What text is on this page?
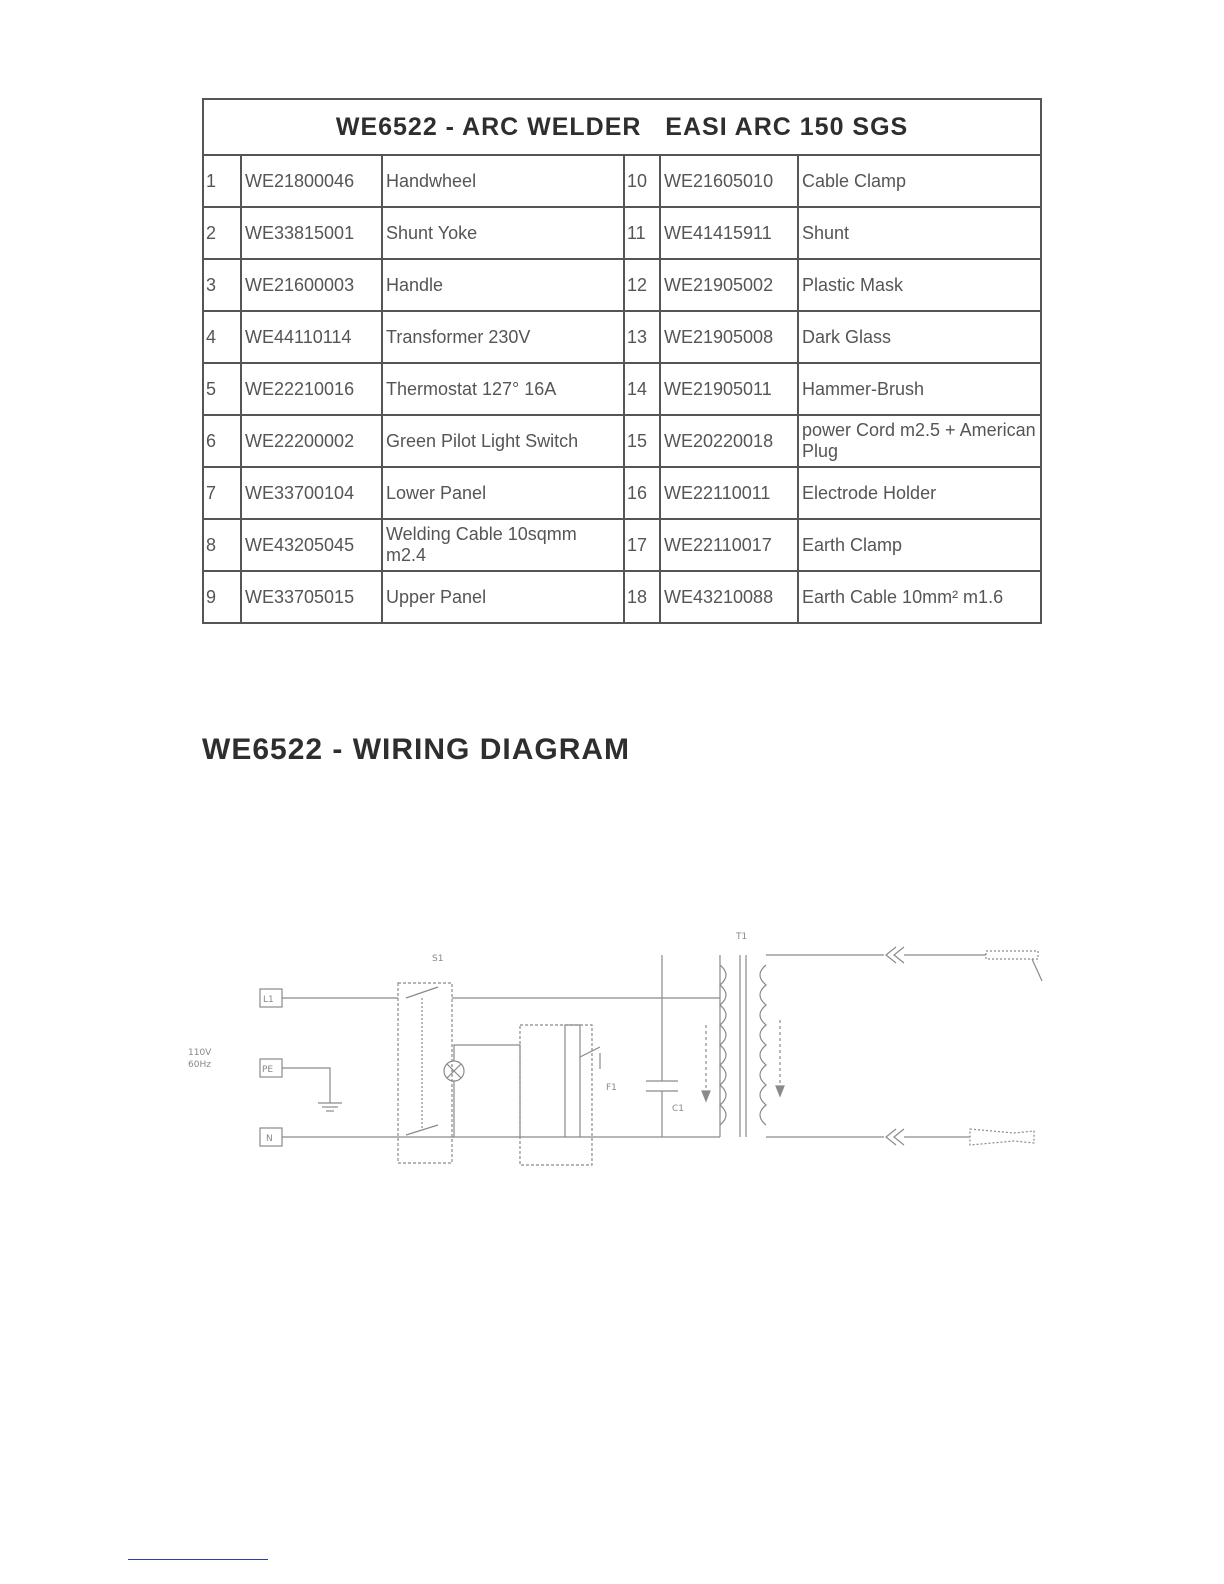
WE6522 - ARC WELDER   EASI ARC 150 SGS					
1	WE21800046	Handwheel	10	WE21605010	Cable Clamp
2	WE33815001	Shunt Yoke	11	WE41415911	Shunt
3	WE21600003	Handle	12	WE21905002	Plastic Mask
4	WE44110114	Transformer 230V	13	WE21905008	Dark Glass
5	WE22210016	Thermostat 127° 16A	14	WE21905011	Hammer-Brush
6	WE22200002	Green Pilot Light Switch	15	WE20220018	power Cord m2.5 + American Plug
7	WE33700104	Lower Panel	16	WE22110011	Electrode Holder
8	WE43205045	Welding Cable 10sqmm m2.4	17	WE22110017	Earth Clamp
9	WE33705015	Upper Panel	18	WE43210088	Earth Cable 10mm² m1.6
WE6522 - WIRING DIAGRAM
110V
60Hz
L1
PE
N
S1
F1
C1
T1
